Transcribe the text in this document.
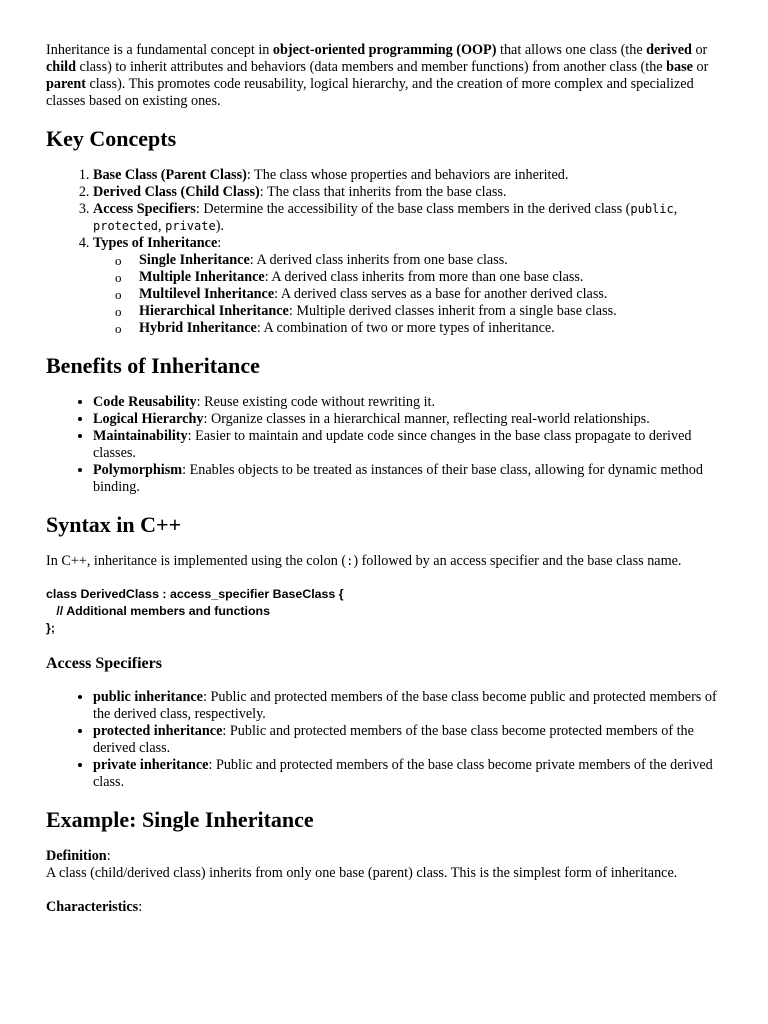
Inheritance is a fundamental concept in object-oriented programming (OOP) that allows one class (the derived or child class) to inherit attributes and behaviors (data members and member functions) from another class (the base or parent class). This promotes code reusability, logical hierarchy, and the creation of more complex and specialized classes based on existing ones.

Key Concepts
1. Base Class (Parent Class): The class whose properties and behaviors are inherited.
2. Derived Class (Child Class): The class that inherits from the base class.
3. Access Specifiers: Determine the accessibility of the base class members in the derived class (public, protected, private).
4. Types of Inheritance:
o Single Inheritance: A derived class inherits from one base class.
o Multiple Inheritance: A derived class inherits from more than one base class.
o Multilevel Inheritance: A derived class serves as a base for another derived class.
o Hierarchical Inheritance: Multiple derived classes inherit from a single base class.
o Hybrid Inheritance: A combination of two or more types of inheritance.
Benefits of Inheritance
• Code Reusability: Reuse existing code without rewriting it.
• Logical Hierarchy: Organize classes in a hierarchical manner, reflecting real-world relationships.
• Maintainability: Easier to maintain and update code since changes in the base class propagate to derived classes.
• Polymorphism: Enables objects to be treated as instances of their base class, allowing for dynamic method binding.
Syntax in C++

In C++, inheritance is implemented using the colon (:) followed by an access specifier and the base class name.

class DerivedClass : access_specifier BaseClass {
// Additional members and functions
};
Access Specifiers
• public inheritance: Public and protected members of the base class become public and protected members of the derived class, respectively.
• protected inheritance: Public and protected members of the base class become protected members of the derived class.
• private inheritance: Public and protected members of the base class become private members of the derived class.
Example: Single Inheritance

Definition:

A class (child/derived class) inherits from only one base (parent) class. This is the simplest form of inheritance.

Characteristics:
